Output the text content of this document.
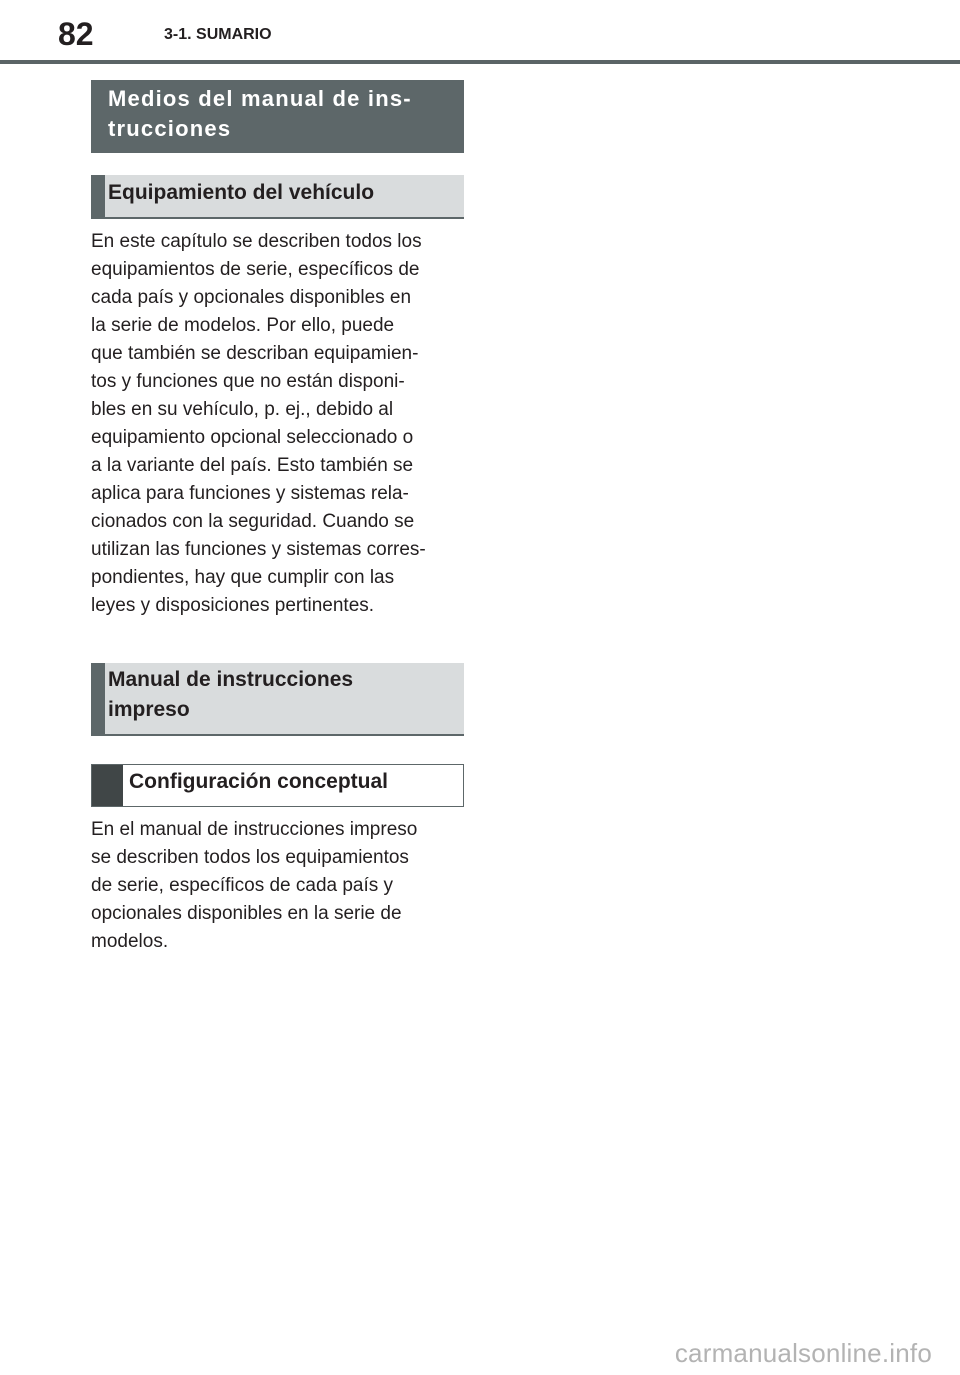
82	3-1. SUMARIO
Medios del manual de ins-
trucciones
Equipamiento del vehículo
En este capítulo se describen todos los
equipamientos de serie, específicos de
cada país y opcionales disponibles en
la serie de modelos. Por ello, puede
que también se describan equipamien-
tos y funciones que no están disponi-
bles en su vehículo, p. ej., debido al
equipamiento opcional seleccionado o
a la variante del país. Esto también se
aplica para funciones y sistemas rela-
cionados con la seguridad. Cuando se
utilizan las funciones y sistemas corres-
pondientes, hay que cumplir con las
leyes y disposiciones pertinentes.
Manual de instrucciones
impreso
Configuración conceptual
En el manual de instrucciones impreso
se describen todos los equipamientos
de serie, específicos de cada país y
opcionales disponibles en la serie de
modelos.
carmanualsonline.info
